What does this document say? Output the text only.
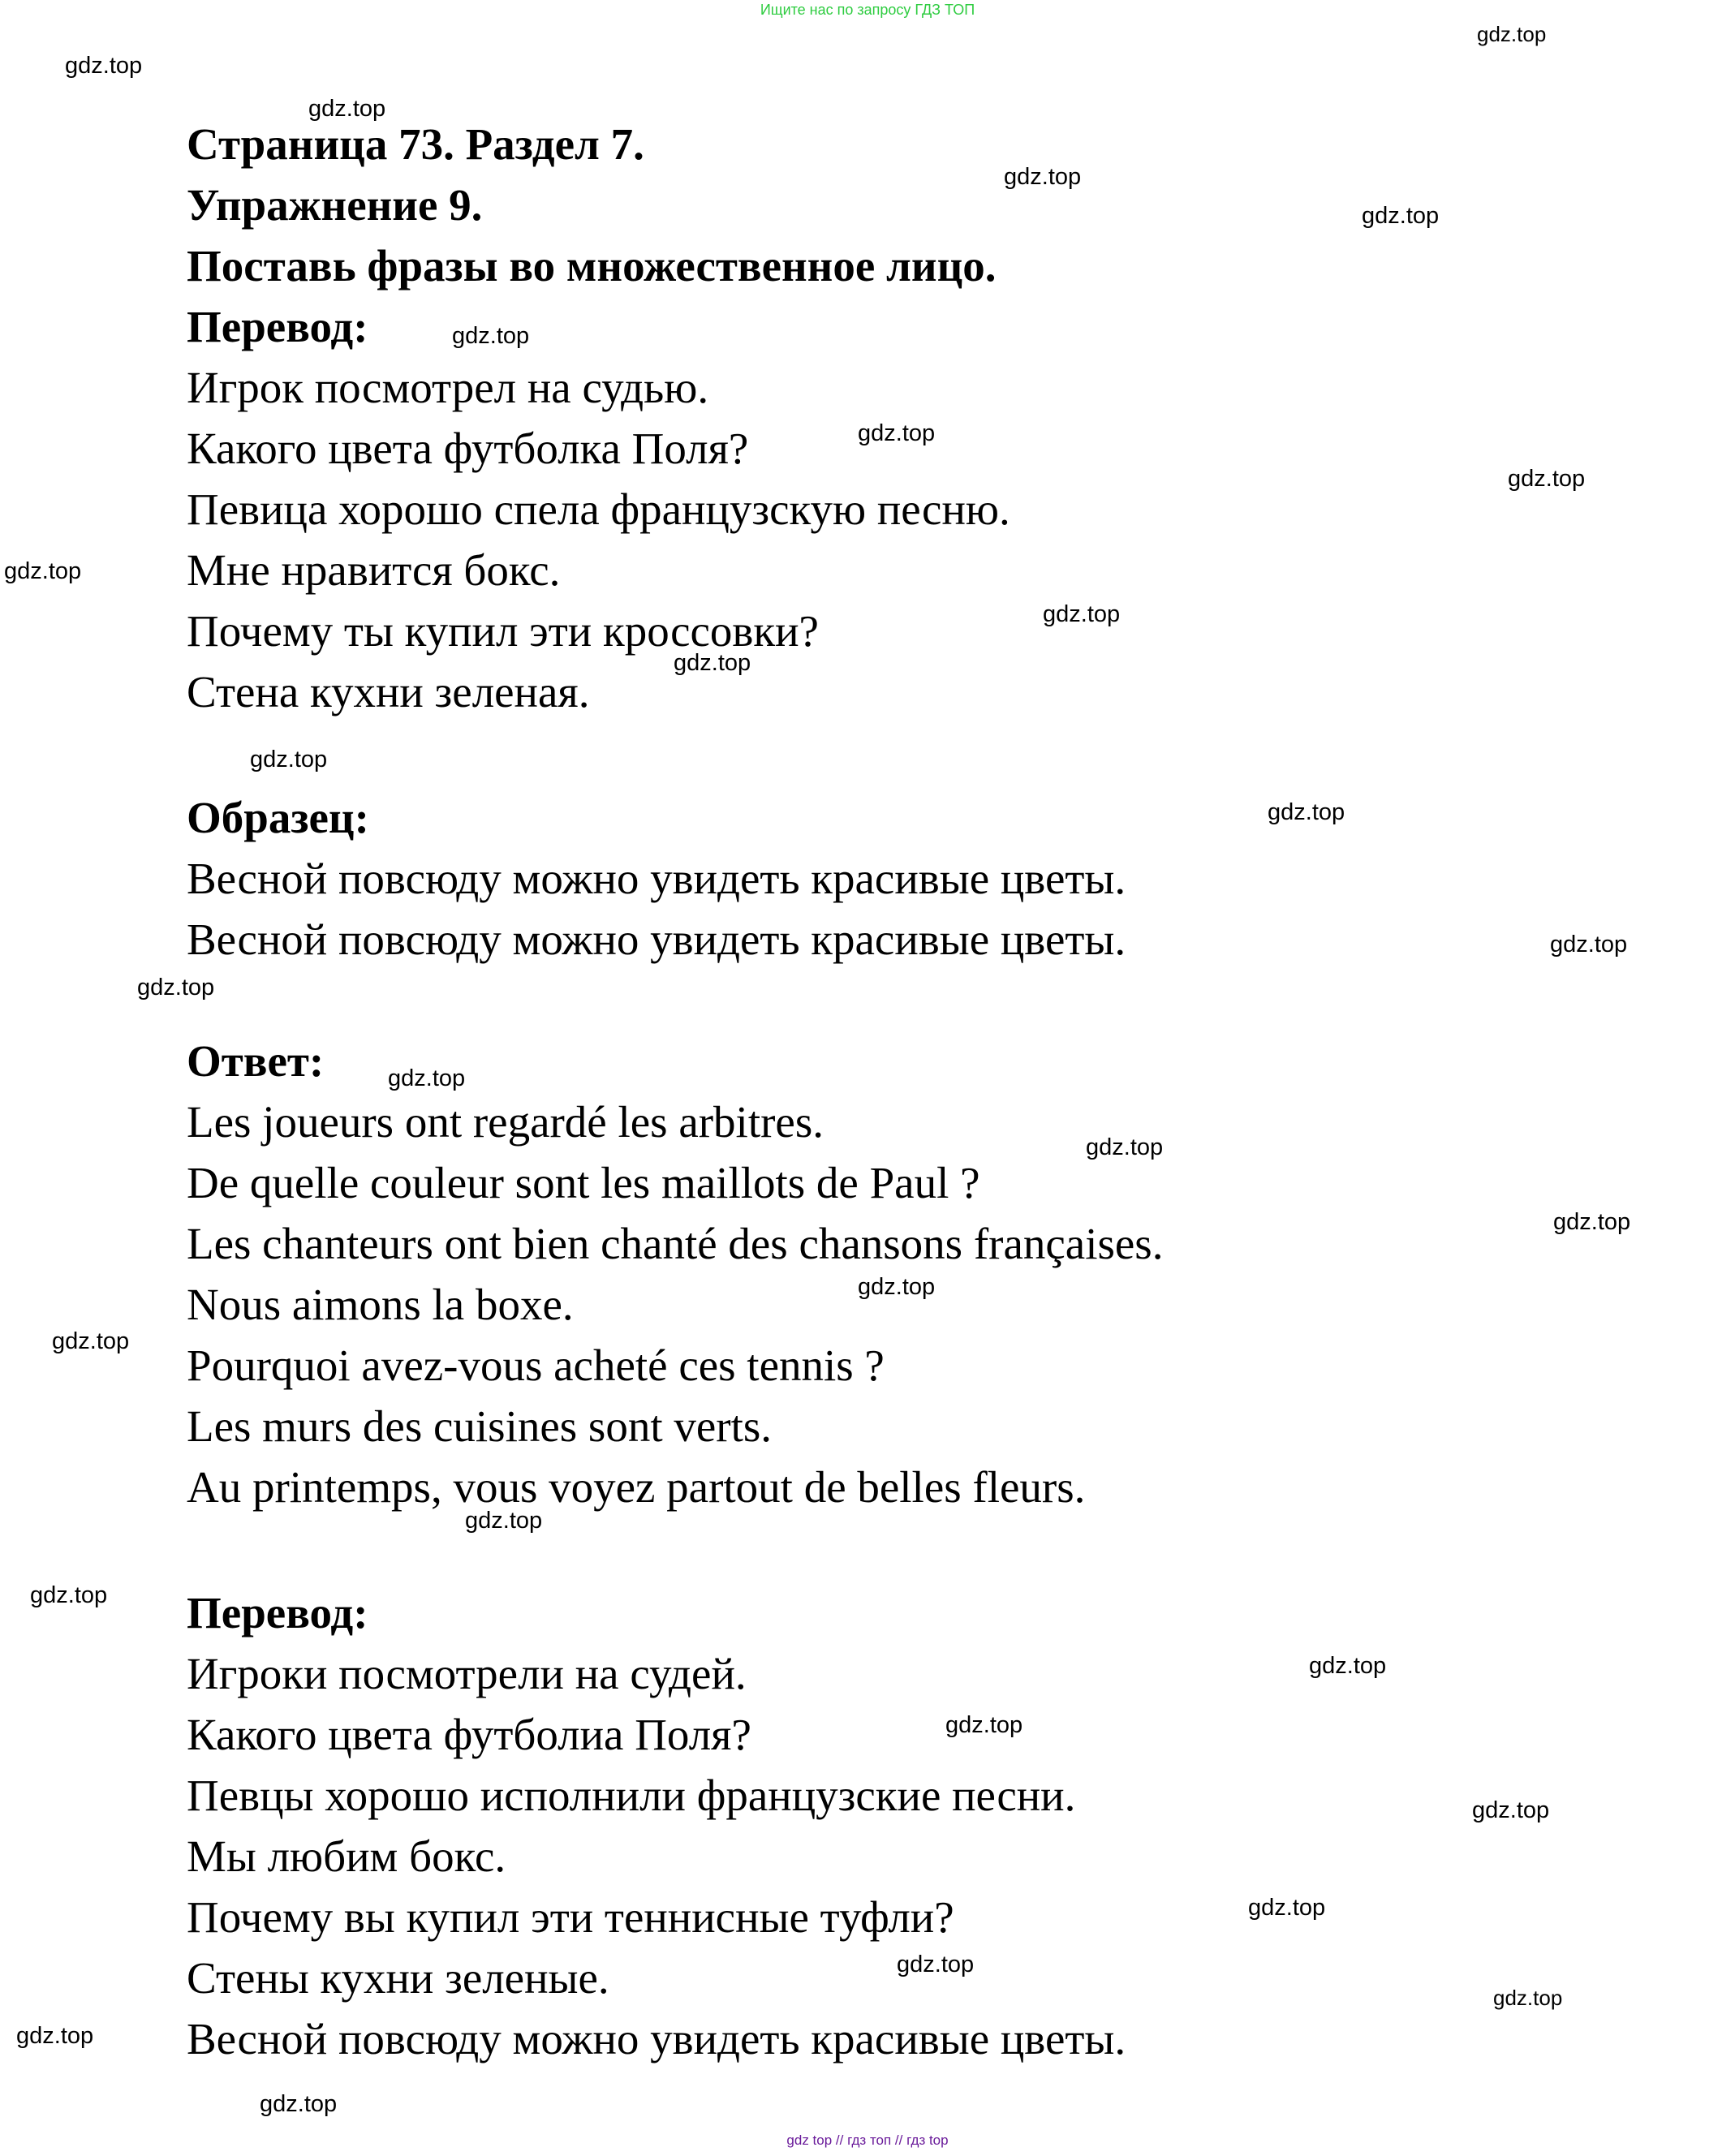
Ищите нас по запросу ГДЗ ТОП
Страница 73. Раздел 7.
Упражнение 9.
Поставь фразы во множественное лицо.
Перевод:
Игрок посмотрел на судью.
Какого цвета футболка Поля?
Певица хорошо спела французскую песню.
Мне нравится бокс.
Почему ты купил эти кроссовки?
Стена кухни зеленая.
Образец:
Весной повсюду можно увидеть красивые цветы.
Весной повсюду можно увидеть красивые цветы.
Ответ:
Les joueurs ont regardé les arbitres.
De quelle couleur sont les maillots de Paul ?
Les chanteurs ont bien chanté des chansons françaises.
Nous aimons la boxe.
Pourquoi avez-vous acheté ces tennis ?
Les murs des cuisines sont verts.
Au printemps, vous voyez partout de belles fleurs.
Перевод:
Игроки посмотрели на судей.
Какого цвета футболиа Поля?
Певцы хорошо исполнили французские песни.
Мы любим бокс.
Почему вы купил эти теннисные туфли?
Стены кухни зеленые.
Весной повсюду можно увидеть красивые цветы.
gdz.top
gdz.top
gdz.top
gdz.top
gdz.top
gdz.top
gdz.top
gdz.top
gdz.top
gdz.top
gdz.top
gdz.top
gdz.top
gdz.top
gdz.top
gdz.top
gdz.top
gdz.top
gdz.top
gdz.top
gdz.top
gdz.top
gdz.top
gdz.top
gdz.top
gdz.top
gdz.top
gdz.top
gdz.top
gdz.top
gdz top // гдз топ // гдз top
